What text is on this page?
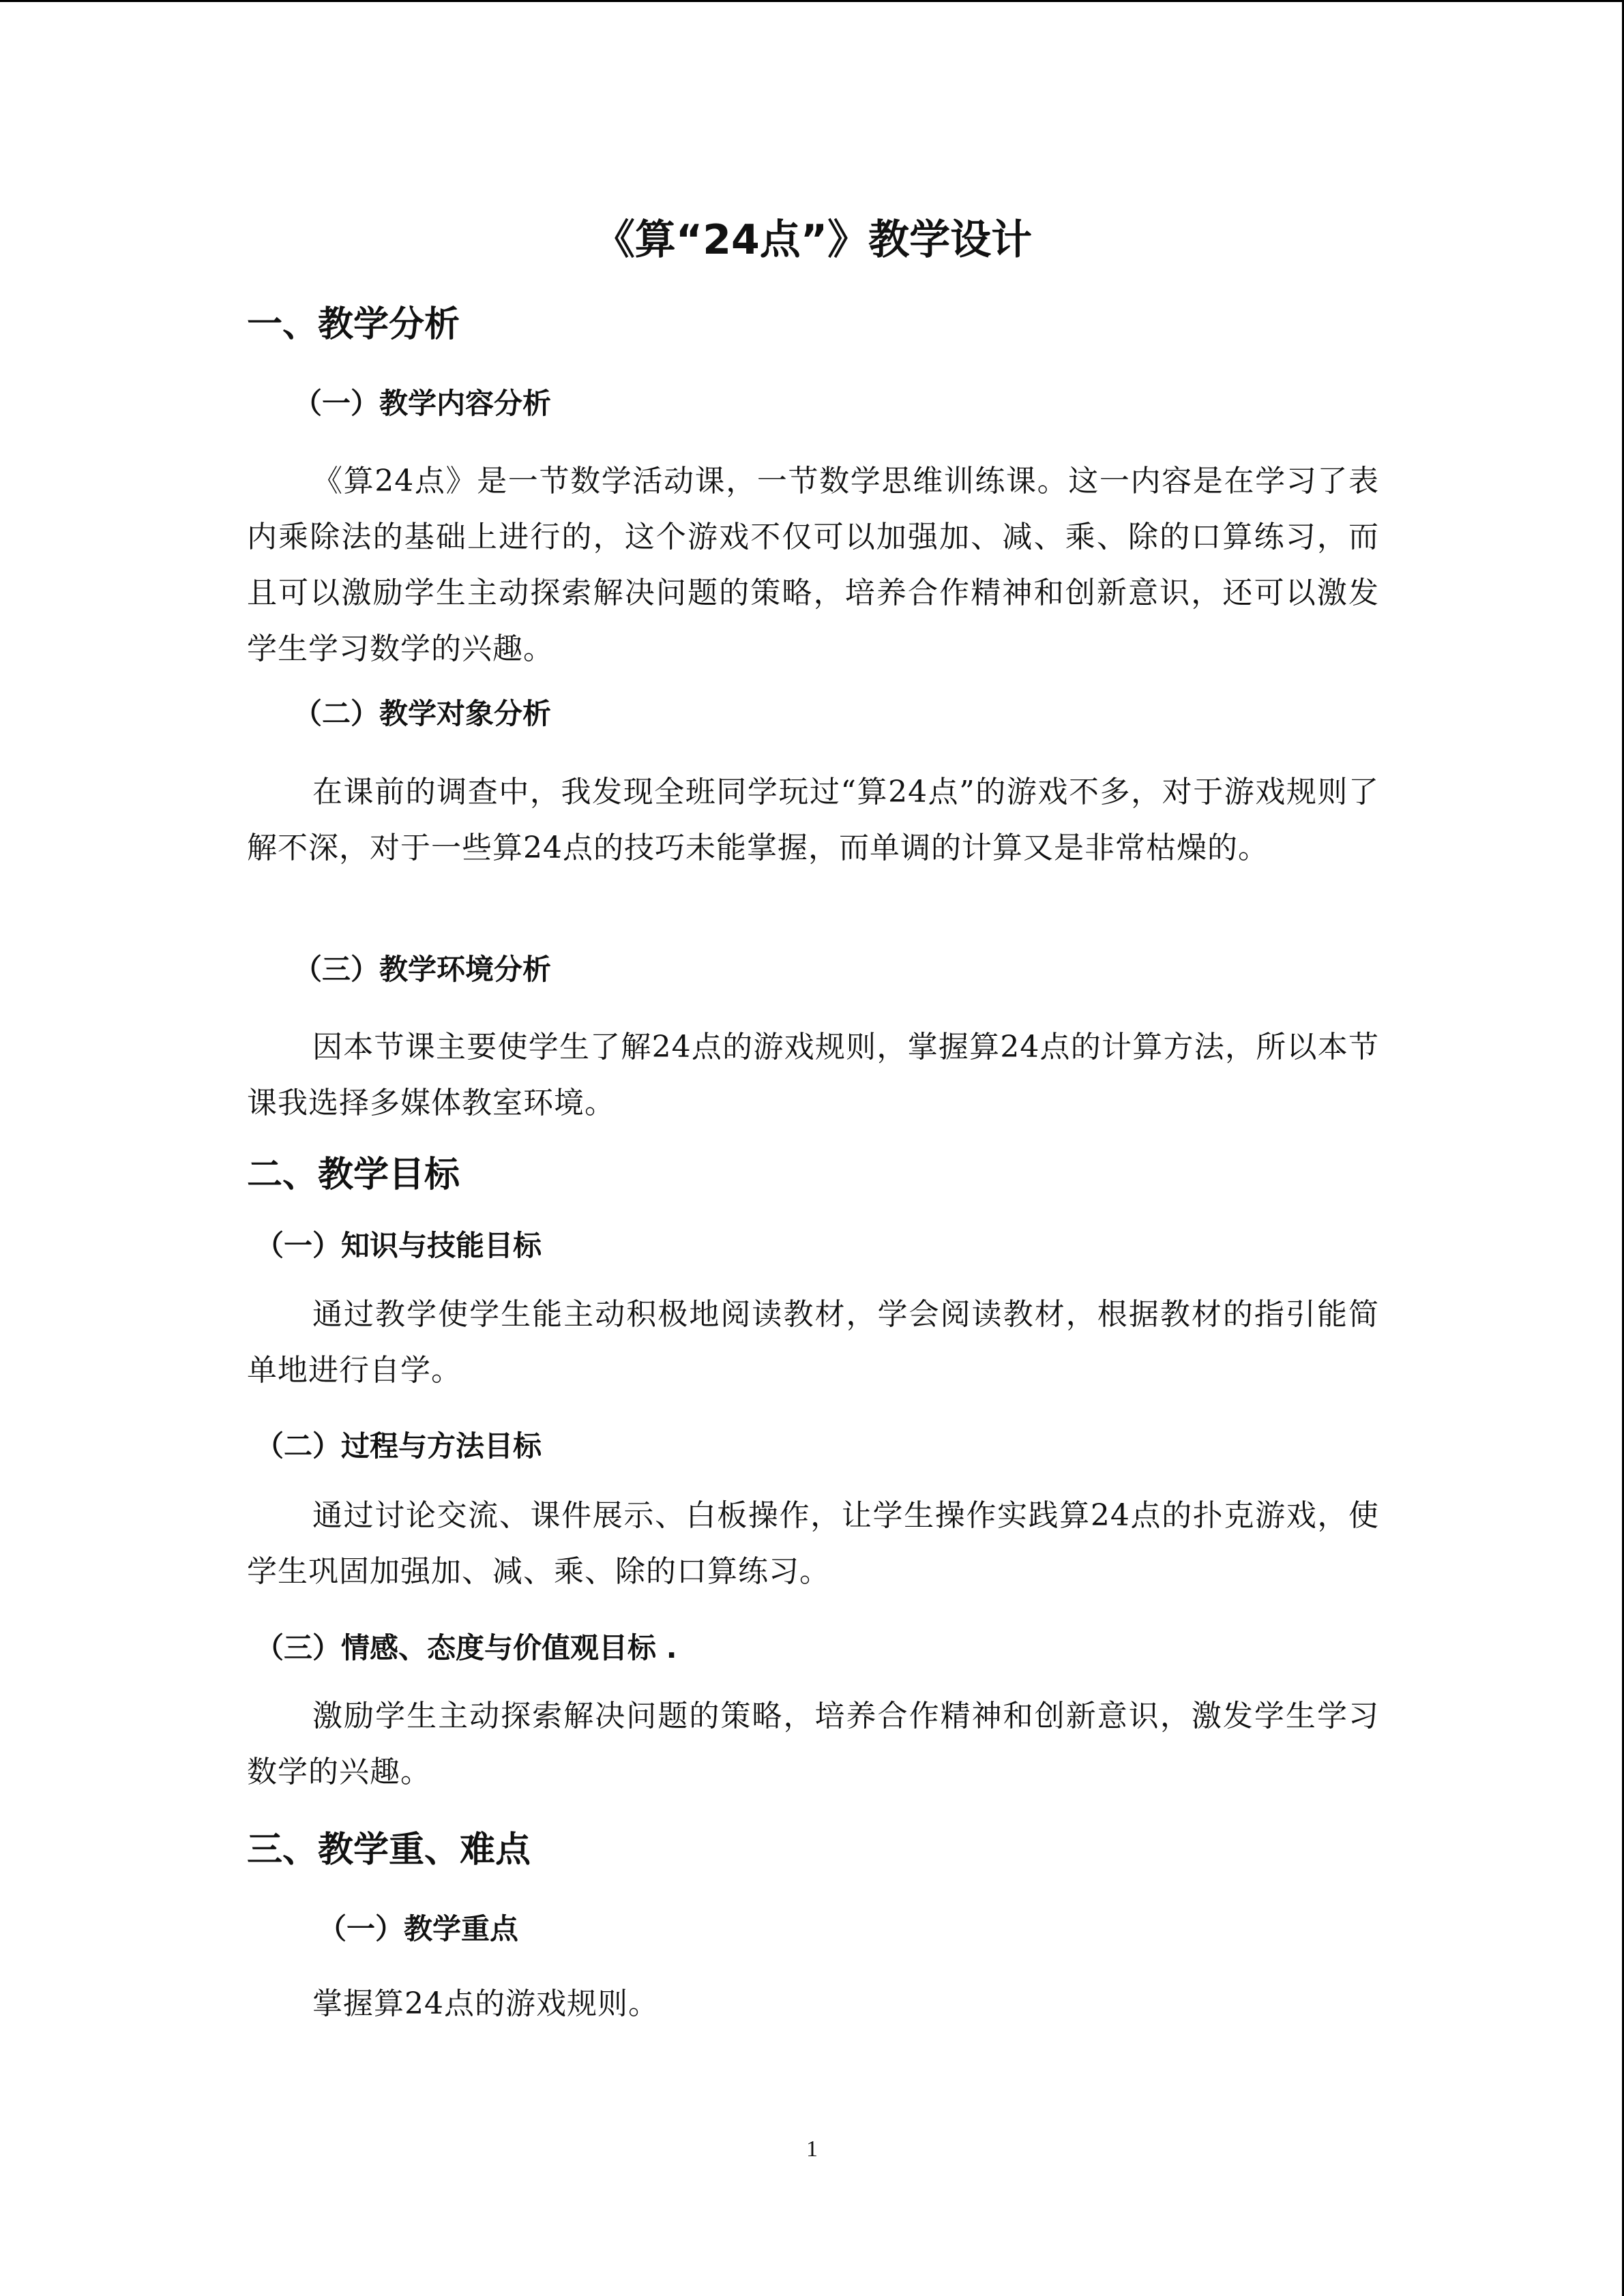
《算“24点”》教学设计
一、教学分析
（一）教学内容分析

《算24点》是一节数学活动课，一节数学思维训练课。这一内容是在学习了表内乘除法的基础上进行的，这个游戏不仅可以加强加、减、乘、除的口算练习，而且可以激励学生主动探索解决问题的策略，培养合作精神和创新意识，还可以激发学生学习数学的兴趣。

（二）教学对象分析

在课前的调查中，我发现全班同学玩过“算24点”的游戏不多，对于游戏规则了解不深，对于一些算24点的技巧未能掌握，而单调的计算又是非常枯燥的。

（三）教学环境分析

因本节课主要使学生了解24点的游戏规则，掌握算24点的计算方法，所以本节课我选择多媒体教室环境。

二、教学目标
（一）知识与技能目标

通过教学使学生能主动积极地阅读教材，学会阅读教材，根据教材的指引能简单地进行自学。

（二）过程与方法目标

通过讨论交流、课件展示、白板操作，让学生操作实践算24点的扑克游戏，使学生巩固加强加、减、乘、除的口算练习。

（三）情感、态度与价值观目标 .

激励学生主动探索解决问题的策略，培养合作精神和创新意识，激发学生学习数学的兴趣。

三、教学重、难点
（一）教学重点

掌握算24点的游戏规则。

1
